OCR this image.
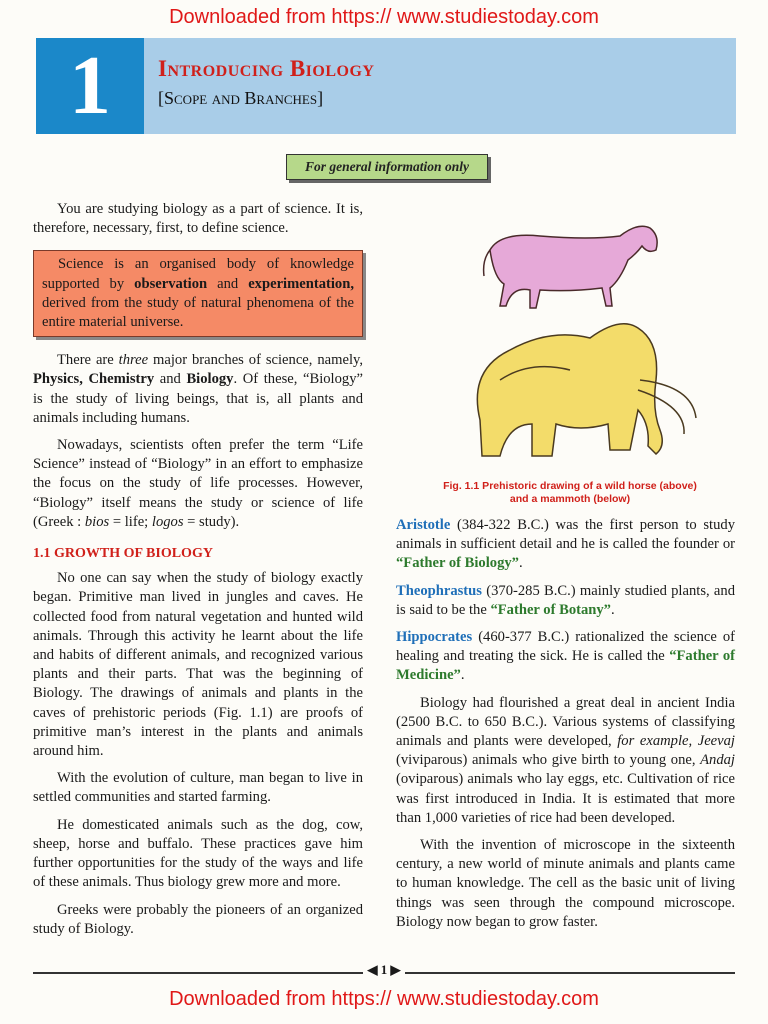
Downloaded from https:// www.studiestoday.com
1	Introducing Biology
[Scope and Branches]
For general information only

You are studying biology as a part of science. It is, therefore, necessary, first, to define science.

Science is an organised body of knowledge supported by observation and experimentation, derived from the study of natural phenomena of the entire material universe.

There are three major branches of science, namely, Physics, Chemistry and Biology. Of these, “Biology” is the study of living beings, that is, all plants and animals including humans.

Nowadays, scientists often prefer the term “Life Science” instead of “Biology” in an effort to emphasize the focus on the study of life processes. However, “Biology” itself means the study or science of life (Greek : bios = life; logos = study).

1.1 GROWTH OF BIOLOGY

No one can say when the study of biology exactly began. Primitive man lived in jungles and caves. He collected food from natural vegetation and hunted wild animals. Through this activity he learnt about the life and habits of different animals, and recognized various plants and their parts. That was the beginning of Biology. The drawings of animals and plants in the caves of prehistoric periods (Fig. 1.1) are proofs of primitive man’s interest in the plants and animals around him.

With the evolution of culture, man began to live in settled communities and started farming.

He domesticated animals such as the dog, cow, sheep, horse and buffalo. These practices gave him further opportunities for the study of the ways and life of these animals. Thus biology grew more and more.

Greeks were probably the pioneers of an organized study of Biology.

Fig. 1.1 Prehistoric drawing of a wild horse (above)
and a mammoth (below)

Aristotle (384-322 B.C.) was the first person to study animals in sufficient detail and he is called the founder or “Father of Biology”.

Theophrastus (370-285 B.C.) mainly studied plants, and is said to be the “Father of Botany”.

Hippocrates (460-377 B.C.) rationalized the science of healing and treating the sick. He is called the “Father of Medicine”.

Biology had flourished a great deal in ancient India (2500 B.C. to 650 B.C.). Various systems of classifying animals and plants were developed, for example, Jeevaj (viviparous) animals who give birth to young one, Andaj (oviparous) animals who lay eggs, etc. Cultivation of rice was first introduced in India. It is estimated that more than 1,000 varieties of rice had been developed.

With the invention of microscope in the sixteenth century, a new world of minute animals and plants came to human knowledge. The cell as the basic unit of living things was seen through the compound microscope. Biology now began to grow faster.

◀ 1 ▶
Downloaded from https:// www.studiestoday.com
